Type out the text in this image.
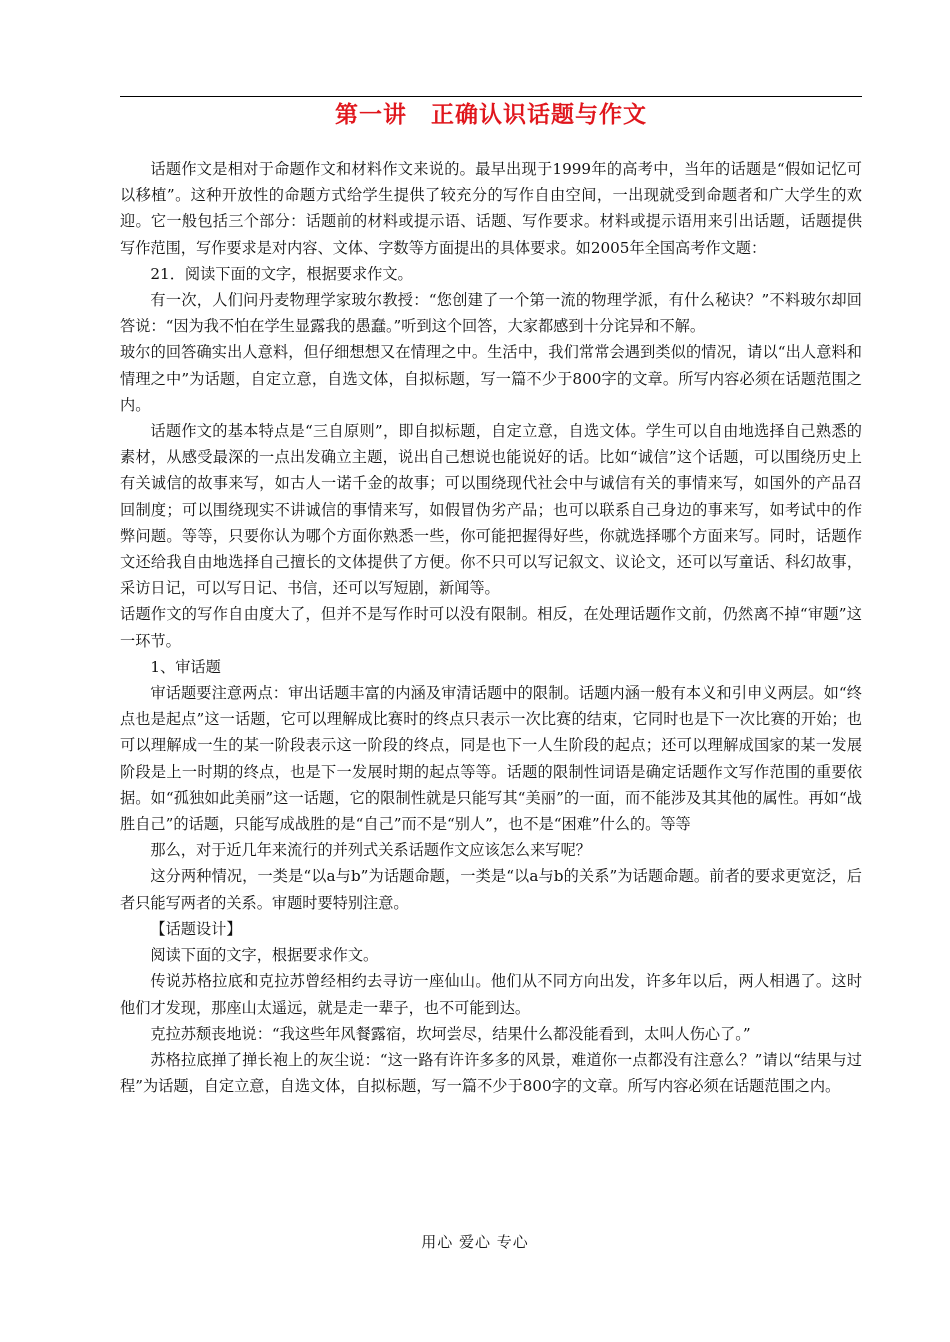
第一讲　正确认识话题与作文

话题作文是相对于命题作文和材料作文来说的。最早出现于1999年的高考中，当年的话题是“假如记忆可以移植”。这种开放性的命题方式给学生提供了较充分的写作自由空间，一出现就受到命题者和广大学生的欢迎。它一般包括三个部分：话题前的材料或提示语、话题、写作要求。材料或提示语用来引出话题，话题提供写作范围，写作要求是对内容、文体、字数等方面提出的具体要求。如2005年全国高考作文题：

21．阅读下面的文字，根据要求作文。

有一次，人们问丹麦物理学家玻尔教授：“您创建了一个第一流的物理学派，有什么秘诀？”不料玻尔却回答说：“因为我不怕在学生显露我的愚蠢。”听到这个回答，大家都感到十分诧异和不解。

玻尔的回答确实出人意料，但仔细想想又在情理之中。生活中，我们常常会遇到类似的情况，请以“出人意料和情理之中”为话题，自定立意，自选文体，自拟标题，写一篇不少于800字的文章。所写内容必须在话题范围之内。

话题作文的基本特点是“三自原则”，即自拟标题，自定立意，自选文体。学生可以自由地选择自己熟悉的素材，从感受最深的一点出发确立主题，说出自己想说也能说好的话。比如“诚信”这个话题，可以围绕历史上有关诚信的故事来写，如古人一诺千金的故事；可以围绕现代社会中与诚信有关的事情来写，如国外的产品召回制度；可以围绕现实不讲诚信的事情来写，如假冒伪劣产品；也可以联系自己身边的事来写，如考试中的作弊问题。等等，只要你认为哪个方面你熟悉一些，你可能把握得好些，你就选择哪个方面来写。同时，话题作文还给我自由地选择自己擅长的文体提供了方便。你不只可以写记叙文、议论文，还可以写童话、科幻故事，采访日记，可以写日记、书信，还可以写短剧，新闻等。

话题作文的写作自由度大了，但并不是写作时可以没有限制。相反，在处理话题作文前，仍然离不掉“审题”这一环节。

1、审话题

审话题要注意两点：审出话题丰富的内涵及审清话题中的限制。话题内涵一般有本义和引申义两层。如“终点也是起点”这一话题，它可以理解成比赛时的终点只表示一次比赛的结束，它同时也是下一次比赛的开始；也可以理解成一生的某一阶段表示这一阶段的终点，同是也下一人生阶段的起点；还可以理解成国家的某一发展阶段是上一时期的终点，也是下一发展时期的起点等等。话题的限制性词语是确定话题作文写作范围的重要依据。如“孤独如此美丽”这一话题，它的限制性就是只能写其“美丽”的一面，而不能涉及其其他的属性。再如“战胜自己”的话题，只能写成战胜的是“自己”而不是“别人”，也不是“困难”什么的。等等

那么，对于近几年来流行的并列式关系话题作文应该怎么来写呢？

这分两种情况，一类是“以a与b”为话题命题，一类是“以a与b的关系”为话题命题。前者的要求更宽泛，后者只能写两者的关系。审题时要特别注意。

【话题设计】

阅读下面的文字，根据要求作文。

传说苏格拉底和克拉苏曾经相约去寻访一座仙山。他们从不同方向出发，许多年以后，两人相遇了。这时他们才发现，那座山太遥远，就是走一辈子，也不可能到达。

克拉苏颓丧地说：“我这些年风餐露宿，坎坷尝尽，结果什么都没能看到，太叫人伤心了。”

苏格拉底掸了掸长袍上的灰尘说：“这一路有许许多多的风景，难道你一点都没有注意么？”请以“结果与过程”为话题，自定立意，自选文体，自拟标题，写一篇不少于800字的文章。所写内容必须在话题范围之内。

用心 爱心 专心
